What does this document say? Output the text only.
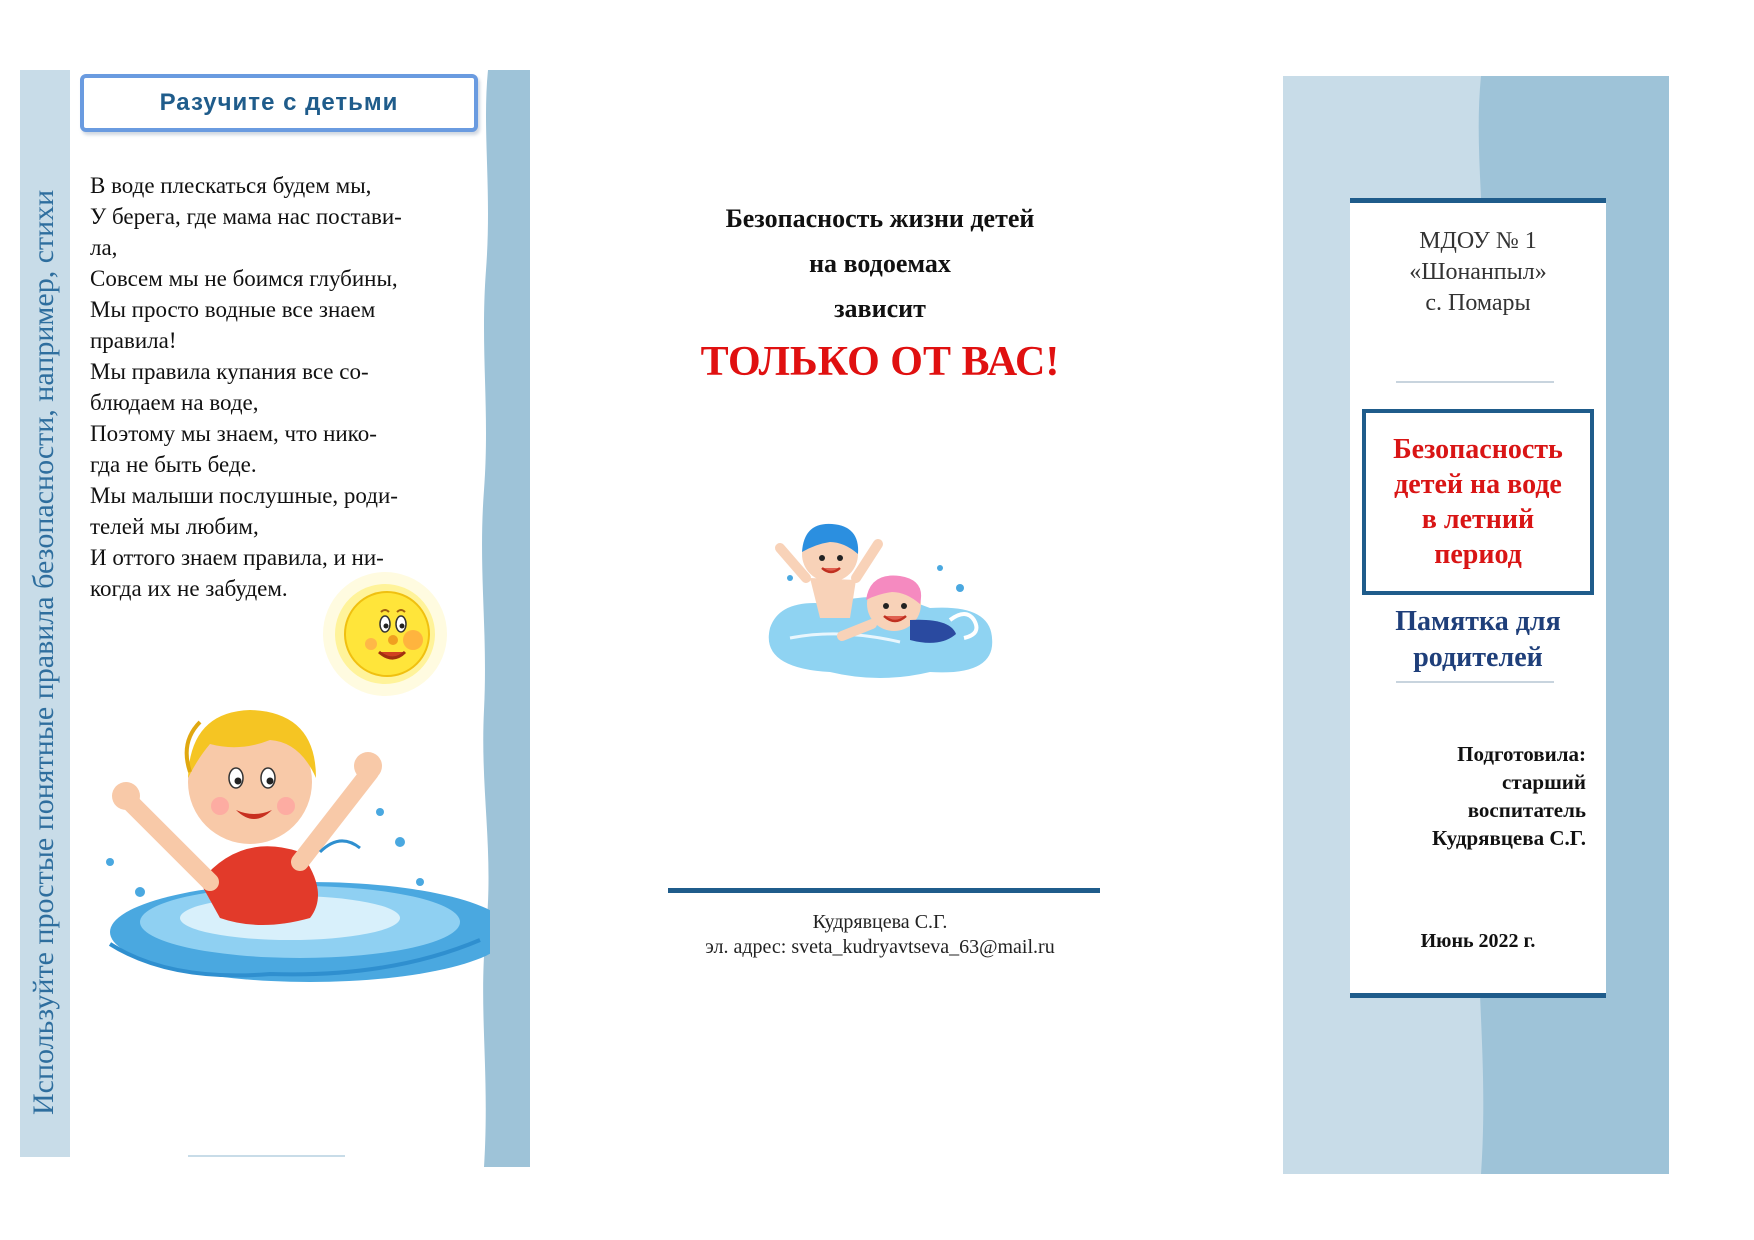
Используйте простые понятные правила безопасности, например, стихи
Разучите с детьми
В воде плескаться будем мы,
У берега, где мама нас постави-
ла,
Совсем мы не боимся глубины,
Мы просто водные все знаем
правила!
Мы правила купания все со-
блюдаем на воде,
Поэтому мы знаем, что нико-
гда не быть беде.
Мы малыши послушные, роди-
телей мы любим,
И оттого знаем правила, и ни-
когда их не забудем.
Безопасность жизни детей
на водоемах
зависит
ТОЛЬКО ОТ ВАС!
Кудрявцева С.Г.
эл. адрес: sveta_kudryavtseva_63@mail.ru
МДОУ № 1
«Шонанпыл»
с. Помары
Безопасность
детей на воде
в летний
период
Памятка для
родителей
Подготовила:
старший
воспитатель
Кудрявцева С.Г.
Июнь 2022 г.
